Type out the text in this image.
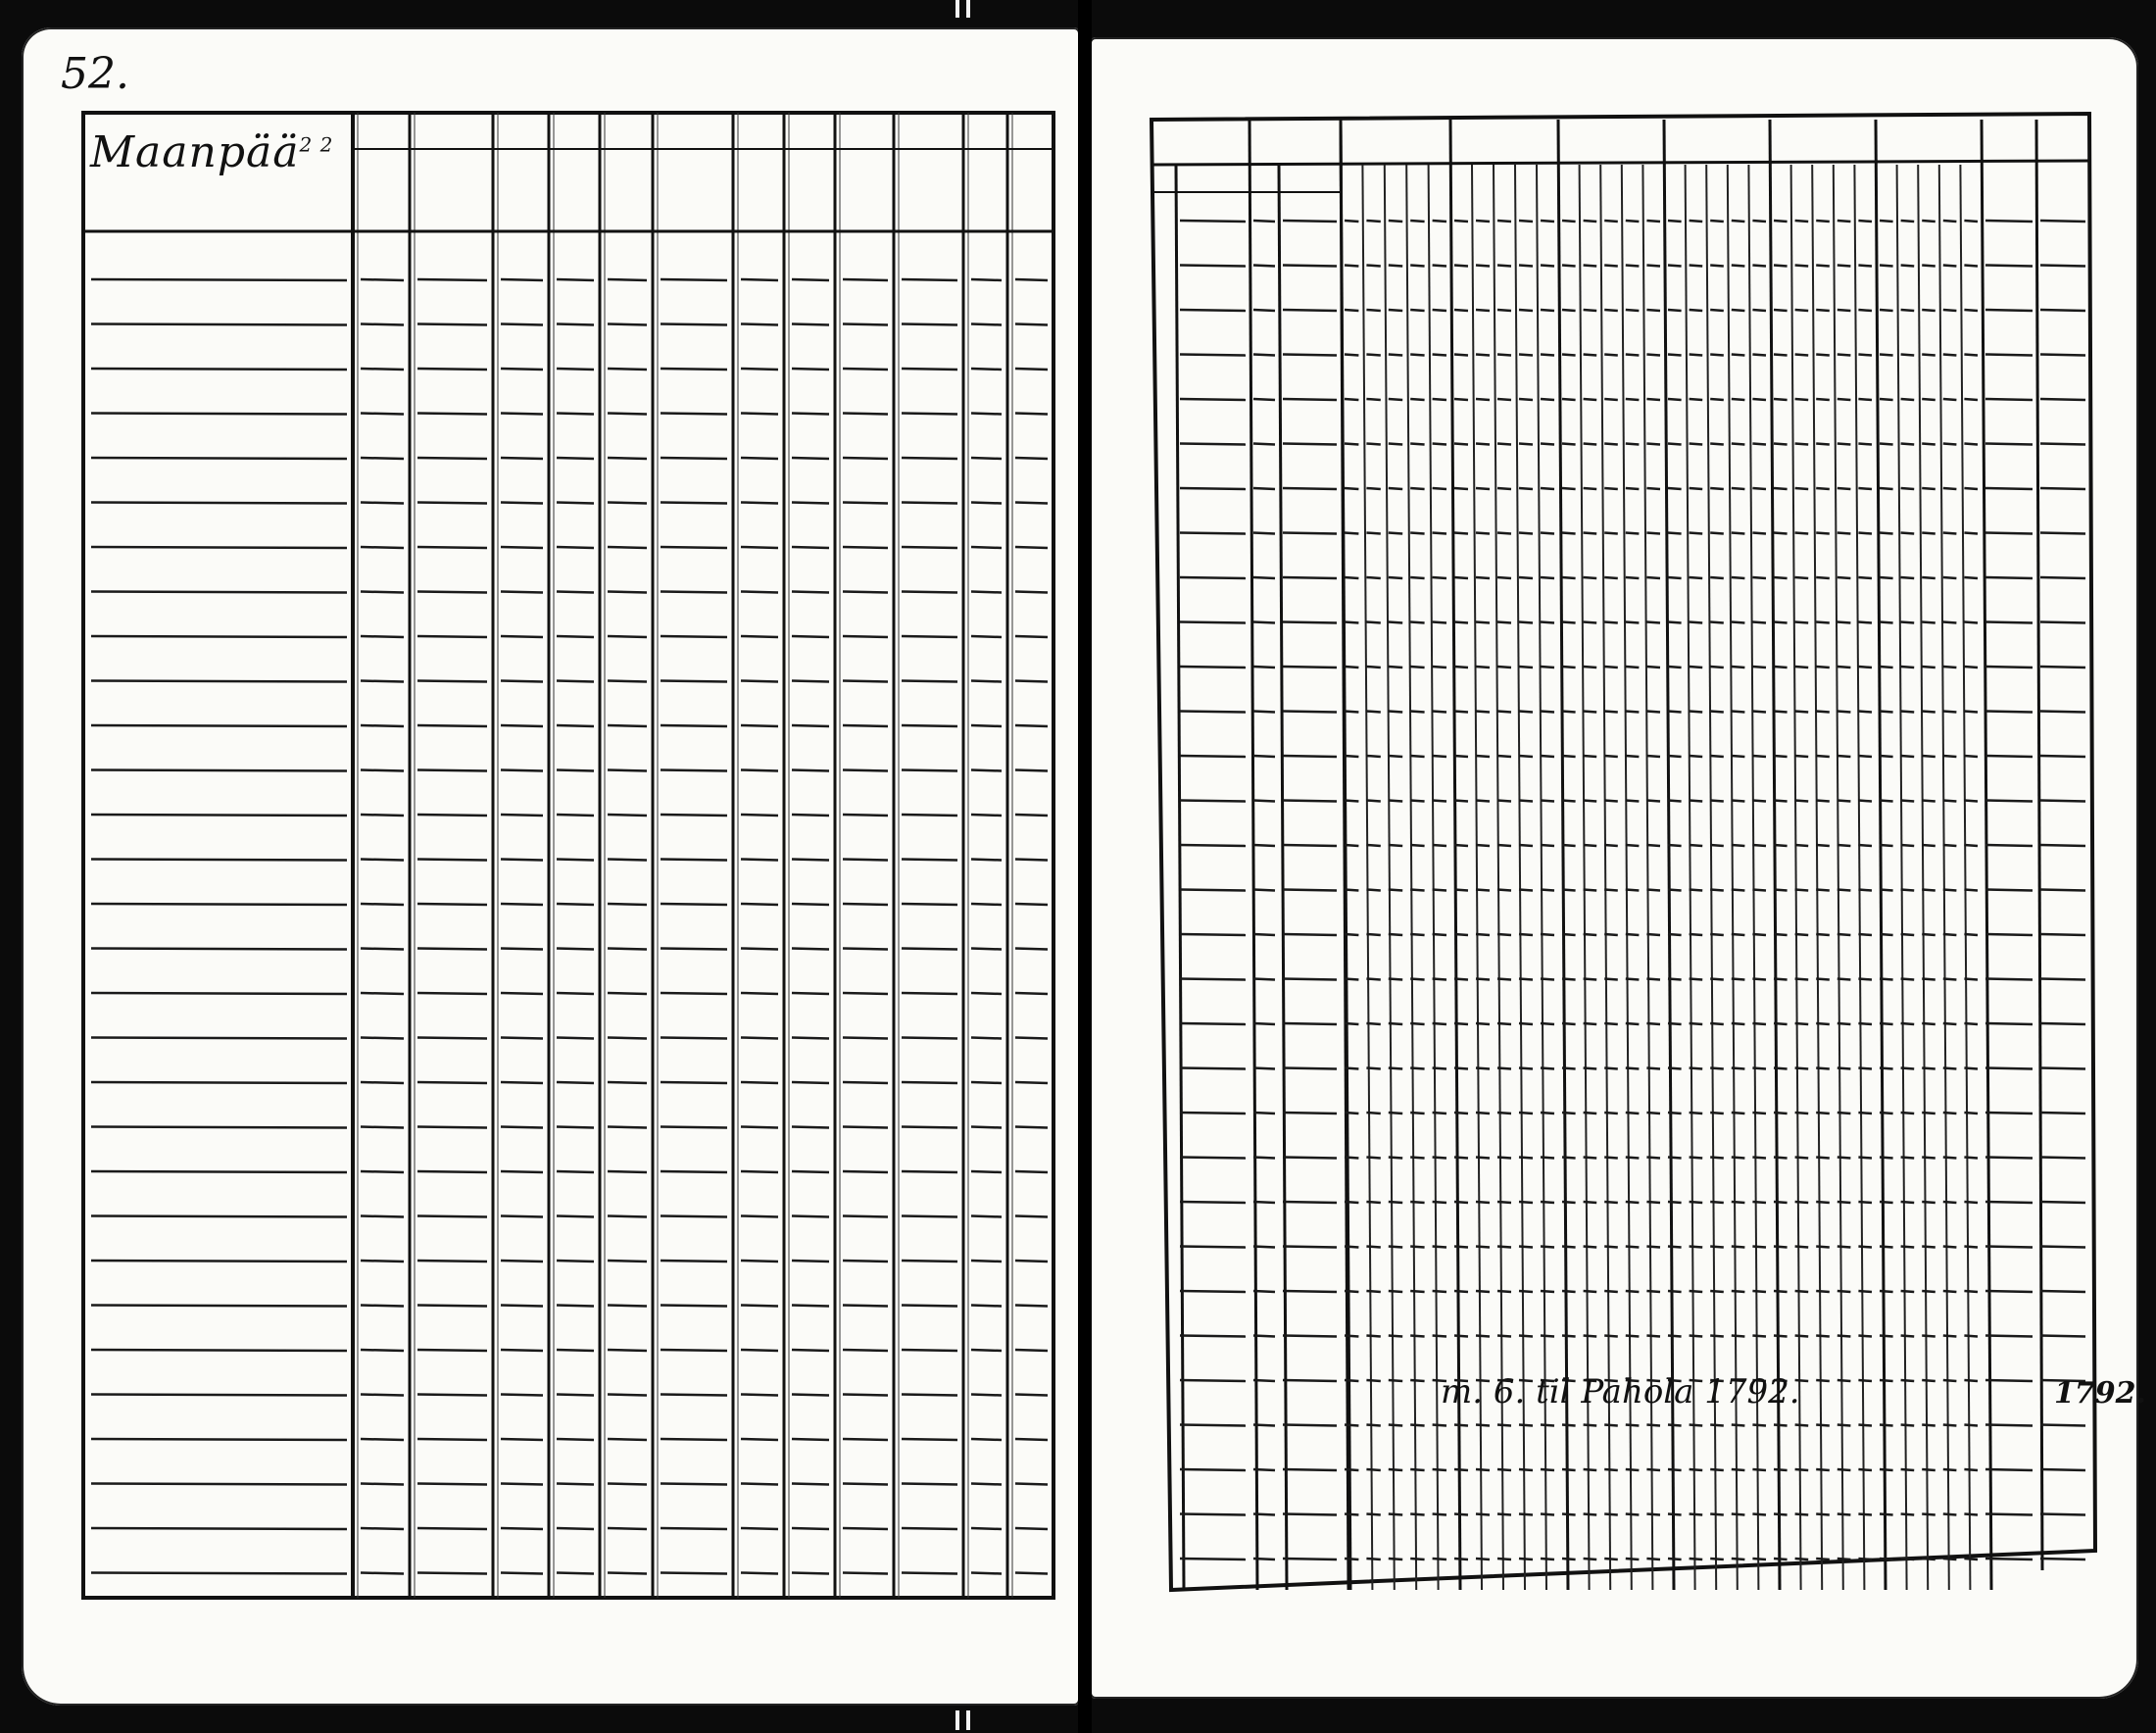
52.
Maanpää$^{2 2}$
m. 6. til Pahola 1792.	1792.
